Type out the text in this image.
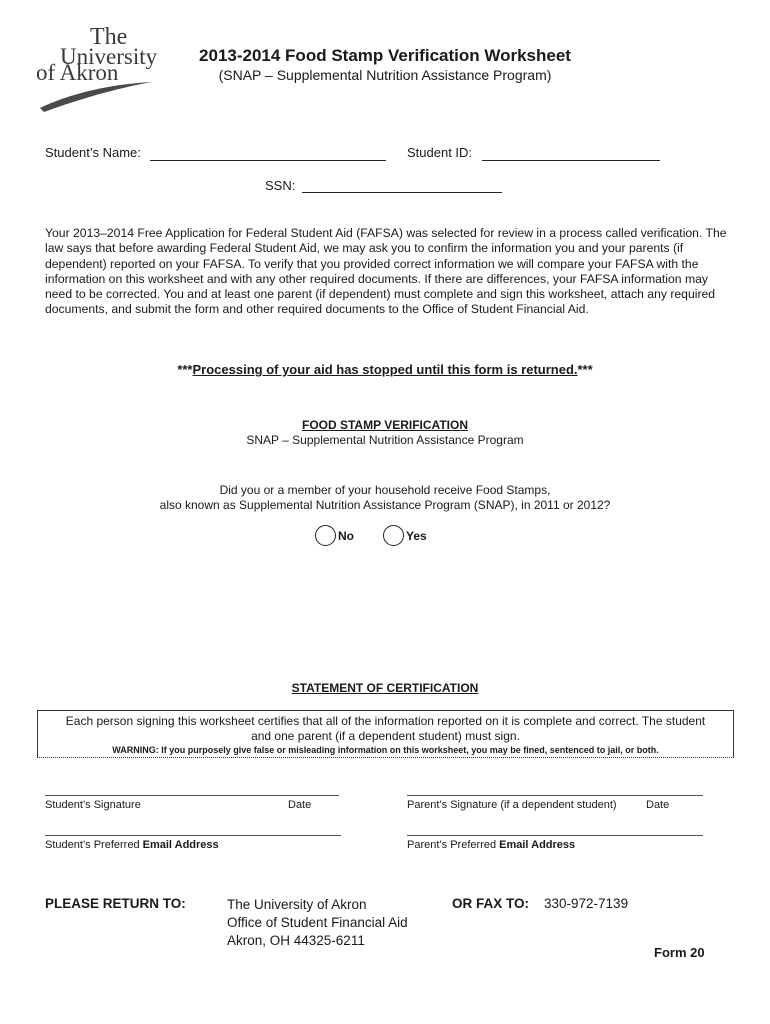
The
University
of Akron
2013-2014 Food Stamp Verification Worksheet
(SNAP – Supplemental Nutrition Assistance Program)
Student’s Name:	Student ID:
SSN:
Your 2013–2014 Free Application for Federal Student Aid (FAFSA) was selected for review in a process called verification. The law says that before awarding Federal Student Aid, we may ask you to confirm the information you and your parents (if dependent) reported on your FAFSA. To verify that you provided correct information we will compare your FAFSA with the information on this worksheet and with any other required documents. If there are differences, your FAFSA information may need to be corrected. You and at least one parent (if dependent) must complete and sign this worksheet, attach any required documents, and submit the form and other required documents to the Office of Student Financial Aid.
***Processing of your aid has stopped until this form is returned.***
FOOD STAMP VERIFICATION
SNAP – Supplemental Nutrition Assistance Program
Did you or a member of your household receive Food Stamps,
also known as Supplemental Nutrition Assistance Program (SNAP), in 2011 or 2012?
No	Yes
STATEMENT OF CERTIFICATION
Each person signing this worksheet certifies that all of the information reported on it is complete and correct. The student
and one parent (if a dependent student) must sign.
WARNING: If you purposely give false or misleading information on this worksheet, you may be fined, sentenced to jail, or both.
Student’s Signature	Date	Parent’s Signature (if a dependent student)	Date
Student’s Preferred Email Address	Parent’s Preferred Email Address
PLEASE RETURN TO:	The University of Akron
Office of Student Financial Aid
Akron, OH 44325-6211
OR FAX TO: 330-972-7139
Form 20
